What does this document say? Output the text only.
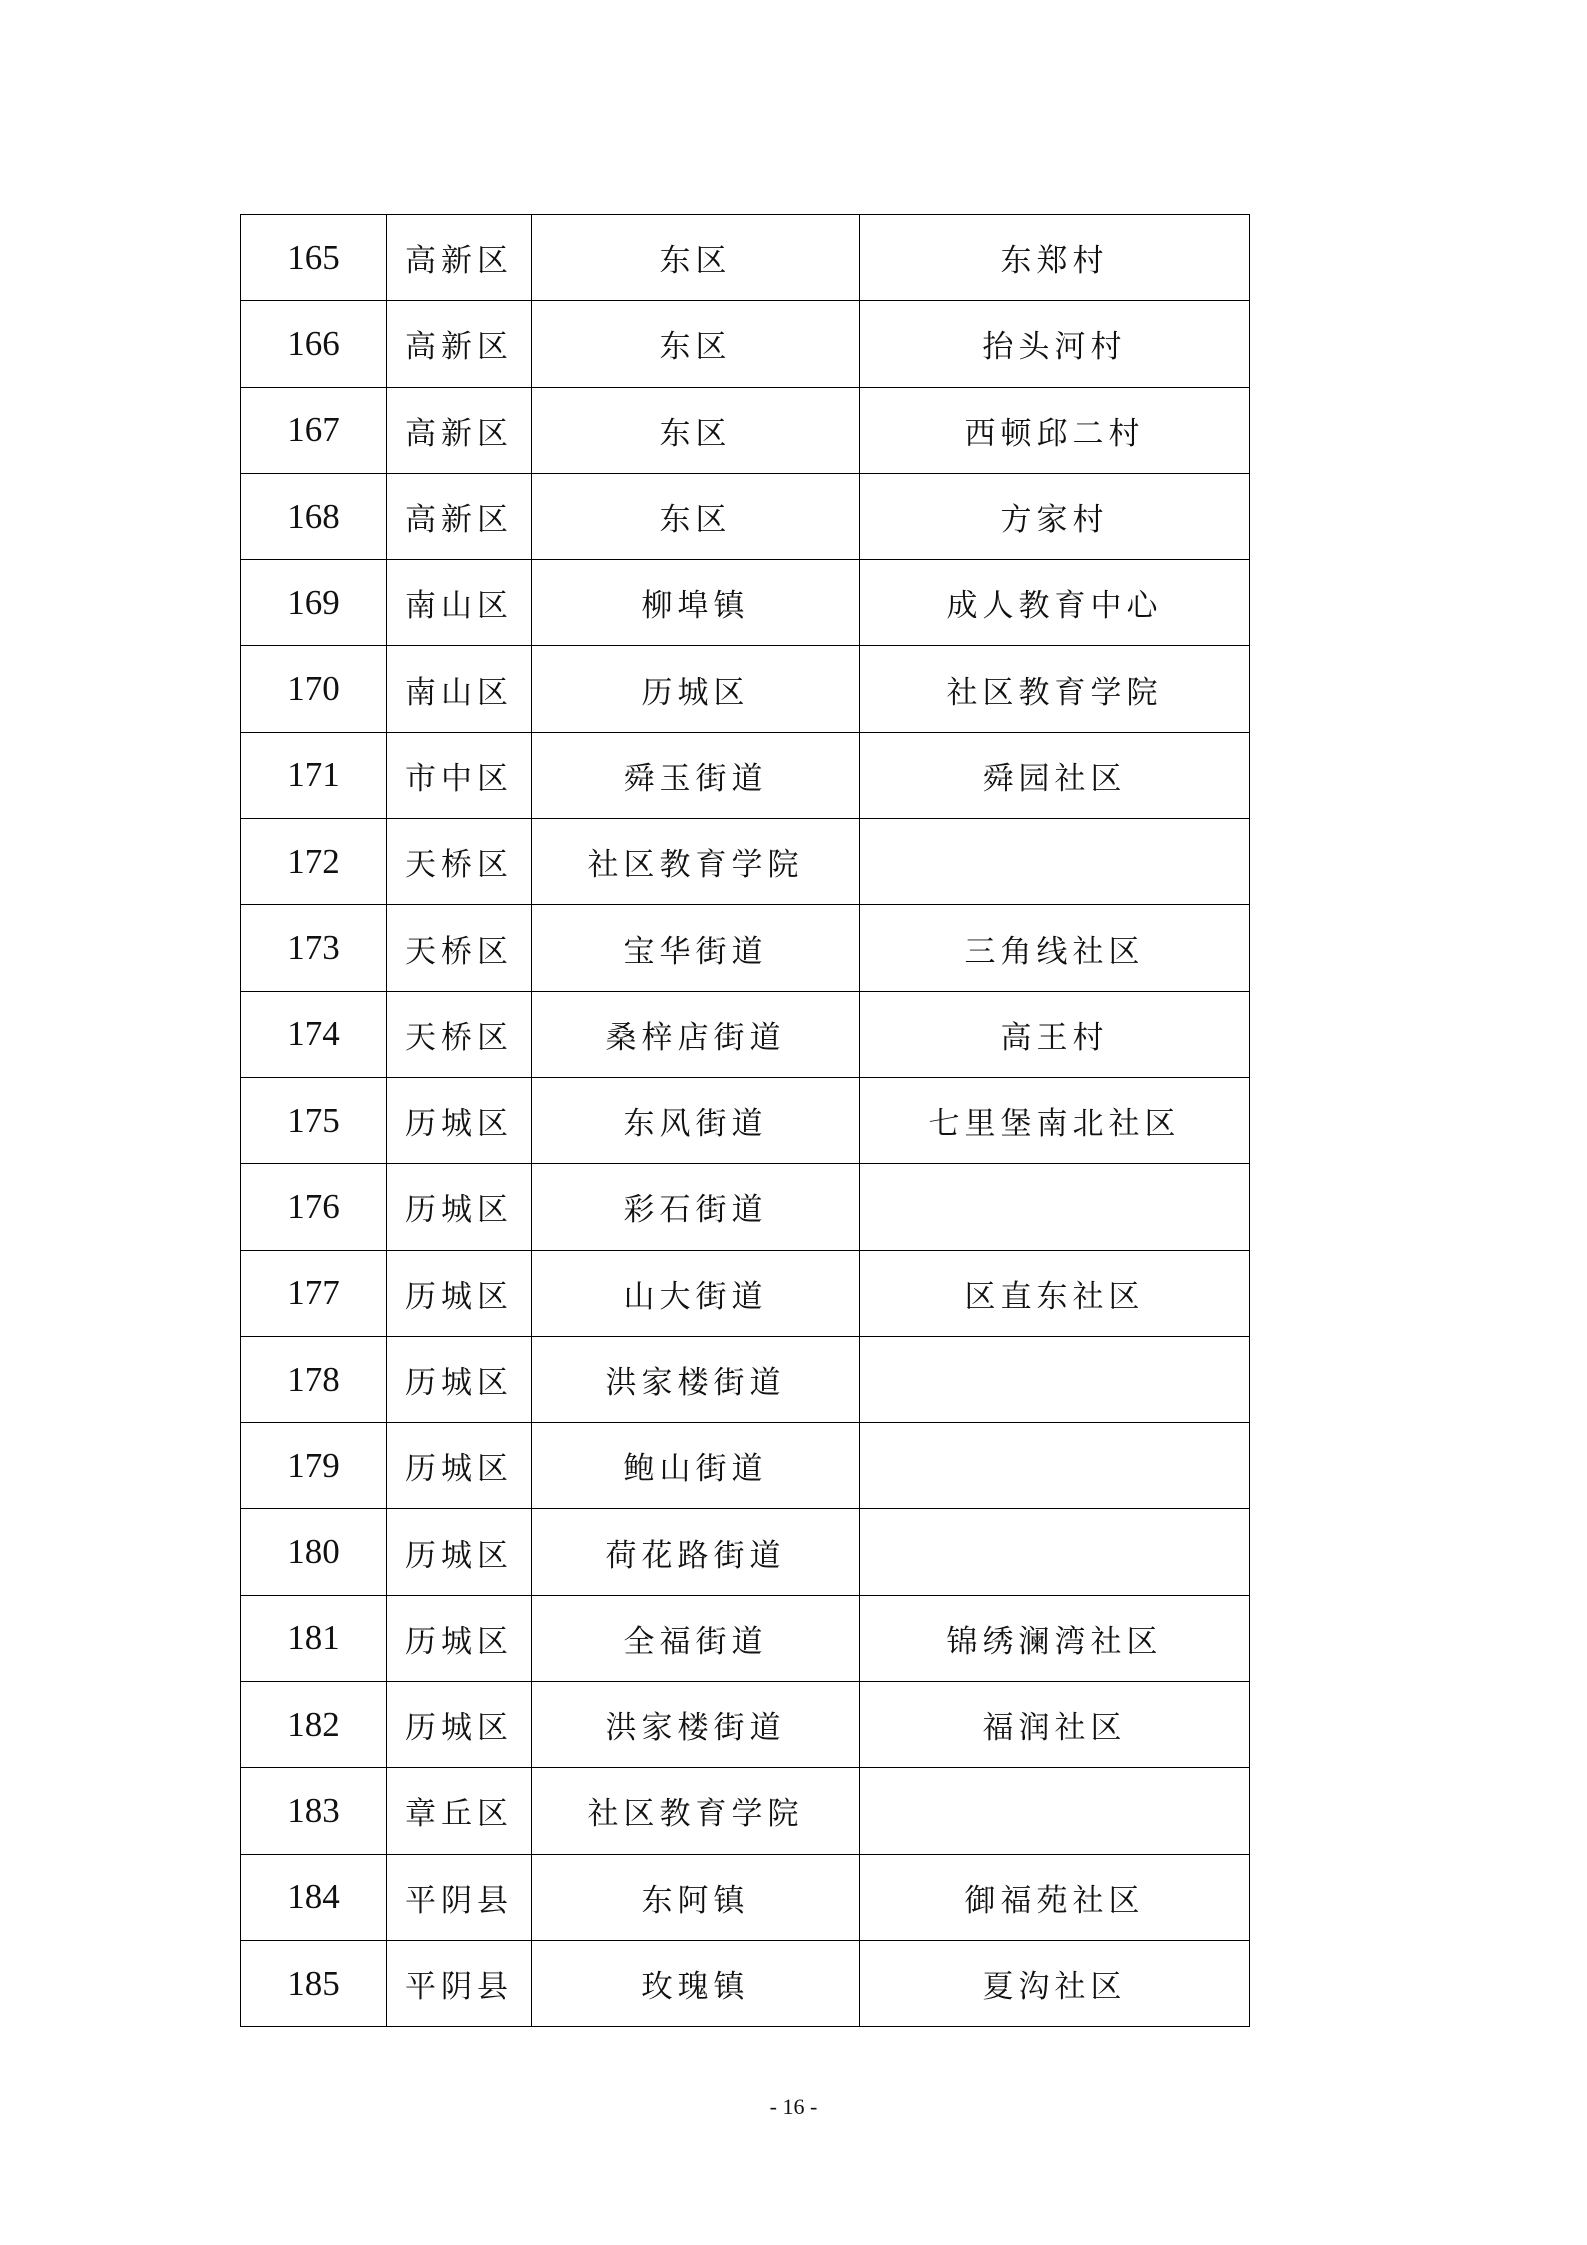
165	高新区	东区	东郑村
166	高新区	东区	抬头河村
167	高新区	东区	西顿邱二村
168	高新区	东区	方家村
169	南山区	柳埠镇	成人教育中心
170	南山区	历城区	社区教育学院
171	市中区	舜玉街道	舜园社区
172	天桥区	社区教育学院	
173	天桥区	宝华街道	三角线社区
174	天桥区	桑梓店街道	高王村
175	历城区	东风街道	七里堡南北社区
176	历城区	彩石街道	
177	历城区	山大街道	区直东社区
178	历城区	洪家楼街道	
179	历城区	鲍山街道	
180	历城区	荷花路街道	
181	历城区	全福街道	锦绣澜湾社区
182	历城区	洪家楼街道	福润社区
183	章丘区	社区教育学院	
184	平阴县	东阿镇	御福苑社区
185	平阴县	玫瑰镇	夏沟社区
- 16 -
